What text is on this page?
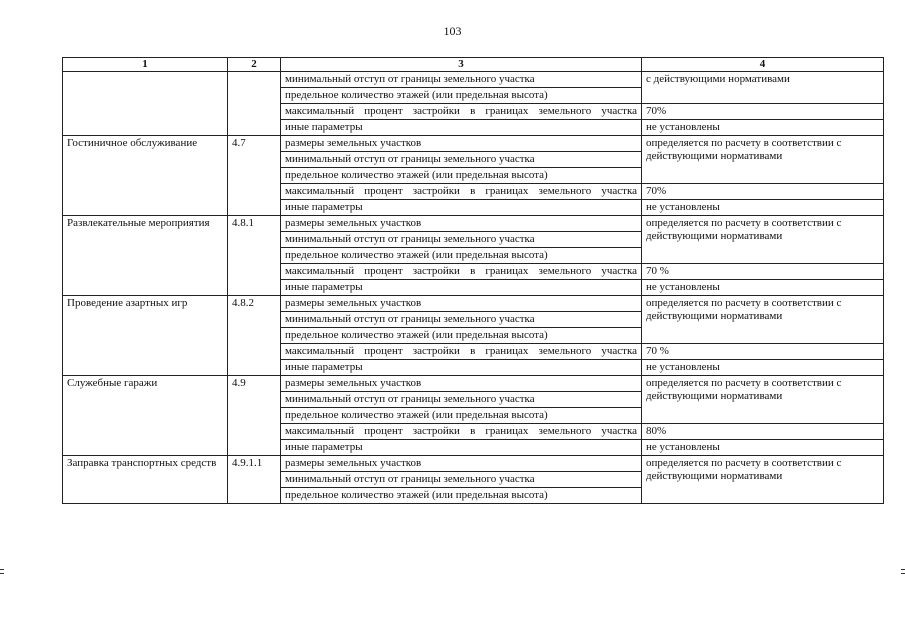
103
1	2	3	4
		минимальный отступ от границы земельного участка	с действующими нормативами
		предельное количество этажей (или предельная высота)	
		максимальный процент застройки в границах земельного участка	70%
		иные параметры	не установлены
Гостиничное обслуживание	4.7	размеры земельных участков	определяется по расчету в соответствии с действующими нормативами
		минимальный отступ от границы земельного участка	
		предельное количество этажей (или предельная высота)	
		максимальный процент застройки в границах земельного участка	70%
		иные параметры	не установлены
Развлекательные мероприятия	4.8.1	размеры земельных участков	определяется по расчету в соответствии с действующими нормативами
		минимальный отступ от границы земельного участка	
		предельное количество этажей (или предельная высота)	
		максимальный процент застройки в границах земельного участка	70 %
		иные параметры	не установлены
Проведение азартных игр	4.8.2	размеры земельных участков	определяется по расчету в соответствии с действующими нормативами
		минимальный отступ от границы земельного участка	
		предельное количество этажей (или предельная высота)	
		максимальный процент застройки в границах земельного участка	70 %
		иные параметры	не установлены
Служебные гаражи	4.9	размеры земельных участков	определяется по расчету в соответствии с действующими нормативами
		минимальный отступ от границы земельного участка	
		предельное количество этажей (или предельная высота)	
		максимальный процент застройки в границах земельного участка	80%
		иные параметры	не установлены
Заправка транспортных средств	4.9.1.1	размеры земельных участков	определяется по расчету в соответствии с действующими нормативами
		минимальный отступ от границы земельного участка	
		предельное количество этажей (или предельная высота)	
